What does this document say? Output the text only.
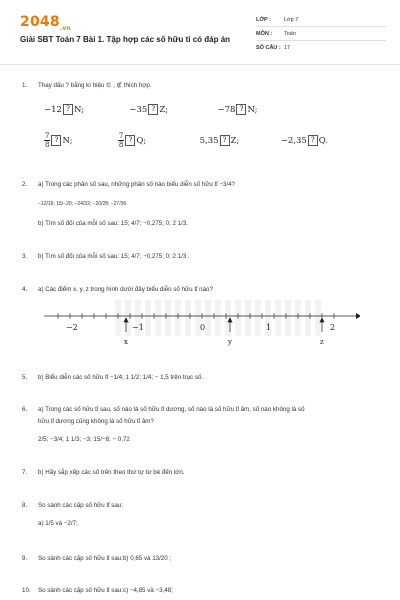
$2048_{.vn}$
Giải SBT Toán 7 Bài 1. Tập hợp các số hữu tỉ có đáp án
LỚP : Lớp 7
MÔN : Toán
SỐ CÂU : 17
1. Thay dấu ? bằng kí hiệu ∈ , ∉ thích hợp.
−12 ? N;	−35 ? Z;	−78 ? N;
$\frac{7}{8}$ ? N;	$\frac{7}{8}$ ? Q;	5,35 ? Z;	−2,35 ? Q.
2. a) Trong các phân số sau, những phân số nào biểu diễn số hữu tỉ −3/4?
−12/16; 15/−20; −24/32; −20/28; −27/36
b) Tìm số đối của mỗi số sau: 15; 4/7; −0,275; 0; 2 1/3.
3. b) Tìm số đối của mỗi số sau: 15; 4/7; −0,275; 0; 2 1/3 .
4. a) Các điểm x, y, z trong hình dưới đây biểu diễn số hữu tỉ nào?
−2	−1	0	1	2
x	y	z
5. b) Biểu diễn các số hữu tỉ −1/4; 1 1/2; 1/4; − 1,5 trên trục số.
6. a) Trong các số hữu tỉ sau, số nào là số hữu tỉ dương, số nào là số hữu tỉ âm, số nào không là số
hữu tỉ dương cũng không là số hữu tỉ âm?
2/5; −3/4; 1 1/3; −3; 15/−8; − 0,72
7. b) Hãy sắp xếp các số trên theo thứ tự từ bé đến lớn.
8. So sánh các cặp số hữu tỉ sau:
a) 1/5 và −2/7;
9. So sánh các cặp số hữu tỉ sau:b) 0,65 và 13/20 ;
10. So sánh các cặp số hữu tỉ sau:c) −4,85 và −3,48;
